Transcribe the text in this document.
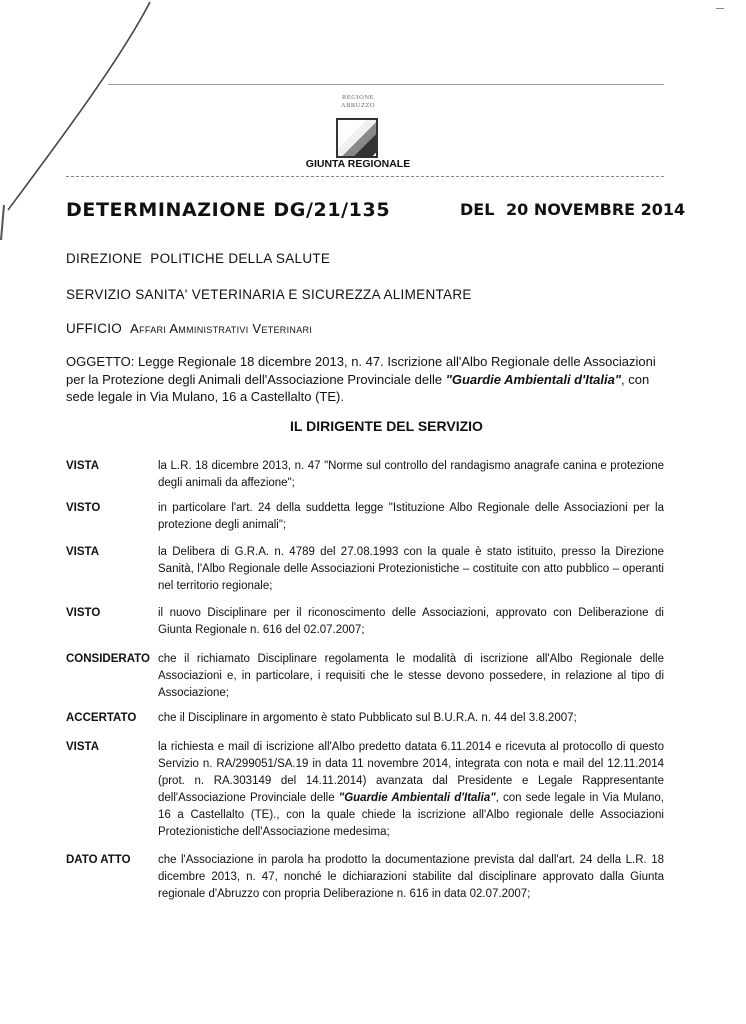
REGIONE ABRUZZO
GIUNTA REGIONALE
DETERMINAZIONE DG/21/135	DEL 20 NOVEMBRE 2014
DIREZIONE  POLITICHE DELLA SALUTE
SERVIZIO SANITA' VETERINARIA E SICUREZZA ALIMENTARE
UFFICIO Affari Amministrativi Veterinari
OGGETTO: Legge Regionale 18 dicembre 2013, n. 47. Iscrizione all'Albo Regionale delle Associazioni per la Protezione degli Animali dell'Associazione Provinciale delle "Guardie Ambientali d'Italia", con sede legale in Via Mulano, 16 a Castellalto (TE).
IL DIRIGENTE DEL SERVIZIO
VISTA	la L.R. 18 dicembre 2013, n. 47 "Norme sul controllo del randagismo anagrafe canina e protezione degli animali da affezione";
VISTO	in particolare l'art. 24 della suddetta legge "Istituzione Albo Regionale delle Associazioni per la protezione degli animali";
VISTA	la Delibera di G.R.A. n. 4789 del 27.08.1993 con la quale è stato istituito, presso la Direzione Sanità, l'Albo Regionale delle Associazioni Protezionistiche – costituite con atto pubblico – operanti nel territorio regionale;
VISTO	il nuovo Disciplinare per il riconoscimento delle Associazioni, approvato con Deliberazione di Giunta Regionale n. 616 del 02.07.2007;
CONSIDERATO che il richiamato Disciplinare regolamenta le modalità di iscrizione all'Albo Regionale delle Associazioni e, in particolare, i requisiti che le stesse devono possedere, in relazione al tipo di Associazione;
ACCERTATO che il Disciplinare in argomento è stato Pubblicato sul B.U.R.A. n. 44 del 3.8.2007;
VISTA	la richiesta e mail di iscrizione all'Albo predetto datata 6.11.2014 e ricevuta al protocollo di questo Servizio n. RA/299051/SA.19 in data 11 novembre 2014, integrata con nota e mail del 12.11.2014 (prot. n. RA.303149 del 14.11.2014) avanzata dal Presidente e Legale Rappresentante dell'Associazione Provinciale delle "Guardie Ambientali d'Italia", con sede legale in Via Mulano, 16 a Castellalto (TE)., con la quale chiede la iscrizione all'Albo regionale delle Associazioni Protezionistiche dell'Associazione medesima;
DATO ATTO che l'Associazione in parola ha prodotto la documentazione prevista dal dall'art. 24 della L.R. 18 dicembre 2013, n. 47, nonché le dichiarazioni stabilite dal disciplinare approvato dalla Giunta regionale d'Abruzzo con propria Deliberazione n. 616 in data 02.07.2007;
